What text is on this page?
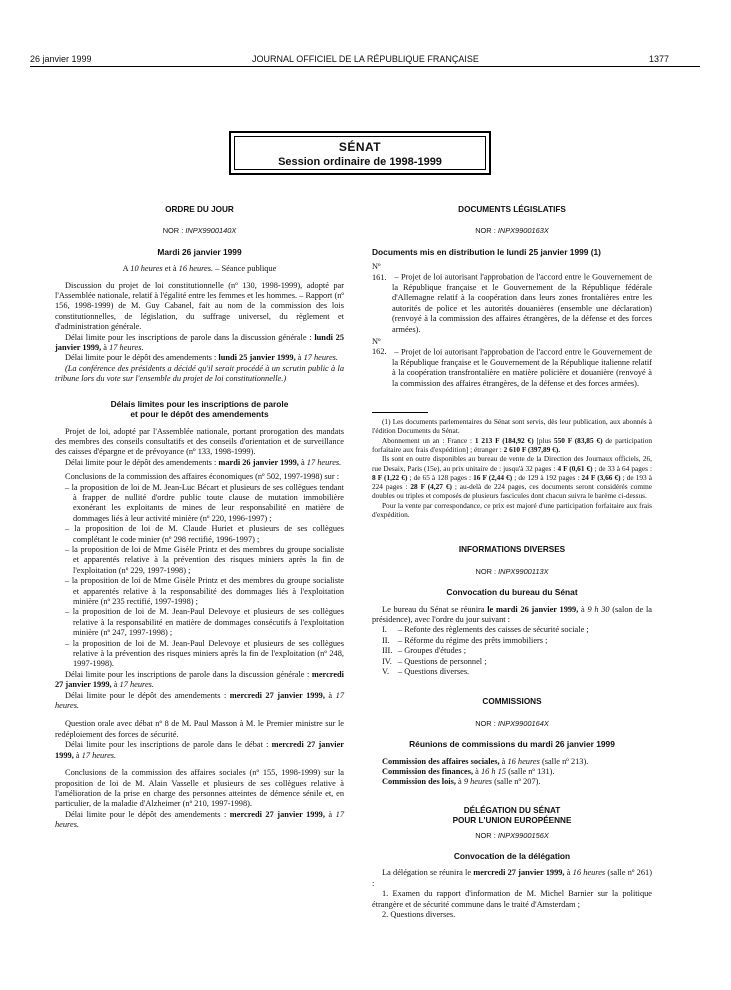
26 janvier 1999	JOURNAL OFFICIEL DE LA RÉPUBLIQUE FRANÇAISE	1377
SÉNAT
Session ordinaire de 1998-1999
ORDRE DU JOUR
NOR : INPX9900140X
Mardi 26 janvier 1999

A 10 heures et à 16 heures. – Séance publique

Discussion du projet de loi constitutionnelle (nº 130, 1998-1999), adopté par l'Assemblée nationale, relatif à l'égalité entre les femmes et les hommes. – Rapport (nº 156, 1998-1999) de M. Guy Cabanel, fait au nom de la commission des lois constitutionnelles, de législation, du suffrage universel, du règlement et d'administration générale.

Délai limite pour les inscriptions de parole dans la discussion générale : lundi 25 janvier 1999, à 17 heures.

Délai limite pour le dépôt des amendements : lundi 25 janvier 1999, à 17 heures.

(La conférence des présidents a décidé qu'il serait procédé à un scrutin public à la tribune lors du vote sur l'ensemble du projet de loi constitutionnelle.)

Délais limites pour les inscriptions de parole
et pour le dépôt des amendements

Projet de loi, adopté par l'Assemblée nationale, portant prorogation des mandats des membres des conseils consultatifs et des conseils d'orientation et de surveillance des caisses d'épargne et de prévoyance (nº 133, 1998-1999).

Délai limite pour le dépôt des amendements : mardi 26 janvier 1999, à 17 heures.

Conclusions de la commission des affaires économiques (nº 502, 1997-1998) sur :

– la proposition de loi de M. Jean-Luc Bécart et plusieurs de ses collègues tendant à frapper de nullité d'ordre public toute clause de mutation immobilière exonérant les exploitants de mines de leur responsabilité en matière de dommages liés à leur activité minière (nº 220, 1996-1997) ;
– la proposition de loi de M. Claude Huriet et plusieurs de ses collègues complétant le code minier (nº 298 rectifié, 1996-1997) ;
– la proposition de loi de Mme Gisèle Printz et des membres du groupe socialiste et apparentés relative à la prévention des risques miniers après la fin de l'exploitation (nº 229, 1997-1998) ;
– la proposition de loi de Mme Gisèle Printz et des membres du groupe socialiste et apparentés relative à la responsabilité des dommages liés à l'exploitation minière (nº 235 rectifié, 1997-1998) ;
– la proposition de loi de M. Jean-Paul Delevoye et plusieurs de ses collègues relative à la responsabilité en matière de dommages consécutifs à l'exploitation minière (nº 247, 1997-1998) ;
– la proposition de loi de M. Jean-Paul Delevoye et plusieurs de ses collègues relative à la prévention des risques miniers après la fin de l'exploitation (nº 248, 1997-1998).

Délai limite pour les inscriptions de parole dans la discussion générale : mercredi 27 janvier 1999, à 17 heures.

Délai limite pour le dépôt des amendements : mercredi 27 janvier 1999, à 17 heures.

Question orale avec débat nº 8 de M. Paul Masson à M. le Premier ministre sur le redéploiement des forces de sécurité.

Délai limite pour les inscriptions de parole dans le débat : mercredi 27 janvier 1999, à 17 heures.

Conclusions de la commission des affaires sociales (nº 155, 1998-1999) sur la proposition de loi de M. Alain Vasselle et plusieurs de ses collègues relative à l'amélioration de la prise en charge des personnes atteintes de démence sénile et, en particulier, de la maladie d'Alzheimer (nº 210, 1997-1998).

Délai limite pour le dépôt des amendements : mercredi 27 janvier 1999, à 17 heures.

DOCUMENTS LÉGISLATIFS
NOR : INPX9900163X
Documents mis en distribution le lundi 25 janvier 1999 (1)
Nº 161. – Projet de loi autorisant l'approbation de l'accord entre le Gouvernement de la République française et le Gouvernement de la République fédérale d'Allemagne relatif à la coopération dans leurs zones frontalières entre les autorités de police et les autorités douanières (ensemble une déclaration) (renvoyé à la commission des affaires étrangères, de la défense et des forces armées).
Nº 162. – Projet de loi autorisant l'approbation de l'accord entre le Gouvernement de la République française et le Gouvernement de la République italienne relatif à la coopération transfrontalière en matière policière et douanière (renvoyé à la commission des affaires étrangères, de la défense et des forces armées).

(1) Les documents parlementaires du Sénat sont servis, dès leur publication, aux abonnés à l'édition Documents du Sénat.

Abonnement un an : France : 1 213 F (184,92 €) [plus 550 F (83,85 €) de participation forfaitaire aux frais d'expédition] ; étranger : 2 610 F (397,89 €).

Ils sont en outre disponibles au bureau de vente de la Direction des Journaux officiels, 26, rue Desaix, Paris (15e), au prix unitaire de : jusqu'à 32 pages : 4 F (0,61 €) ; de 33 à 64 pages : 8 F (1,22 €) ; de 65 à 128 pages : 16 F (2,44 €) ; de 129 à 192 pages : 24 F (3,66 €) ; de 193 à 224 pages : 28 F (4,27 €) ; au-delà de 224 pages, ces documents seront considérés comme doubles ou triples et composés de plusieurs fascicules dont chacun suivra le barème ci-dessus.

Pour la vente par correspondance, ce prix est majoré d'une participation forfaitaire aux frais d'expédition.

INFORMATIONS DIVERSES
NOR : INPX9900113X
Convocation du bureau du Sénat

Le bureau du Sénat se réunira le mardi 26 janvier 1999, à 9 h 30 (salon de la présidence), avec l'ordre du jour suivant :

I. – Refonte des règlements des caisses de sécurité sociale ;
II. – Réforme du régime des prêts immobiliers ;
III. – Groupes d'études ;
IV. – Questions de personnel ;
V. – Questions diverses.
COMMISSIONS
NOR : INPX9900164X
Réunions de commissions du mardi 26 janvier 1999

Commission des affaires sociales, à 16 heures (salle nº 213).

Commission des finances, à 16 h 15 (salle nº 131).

Commission des lois, à 9 heures (salle nº 207).

DÉLÉGATION DU SÉNAT
POUR L'UNION EUROPÉENNE
NOR : INPX9900156X
Convocation de la délégation

La délégation se réunira le mercredi 27 janvier 1999, à 16 heures (salle nº 261) :

1. Examen du rapport d'information de M. Michel Barnier sur la politique étrangère et de sécurité commune dans le traité d'Amsterdam ;

2. Questions diverses.
